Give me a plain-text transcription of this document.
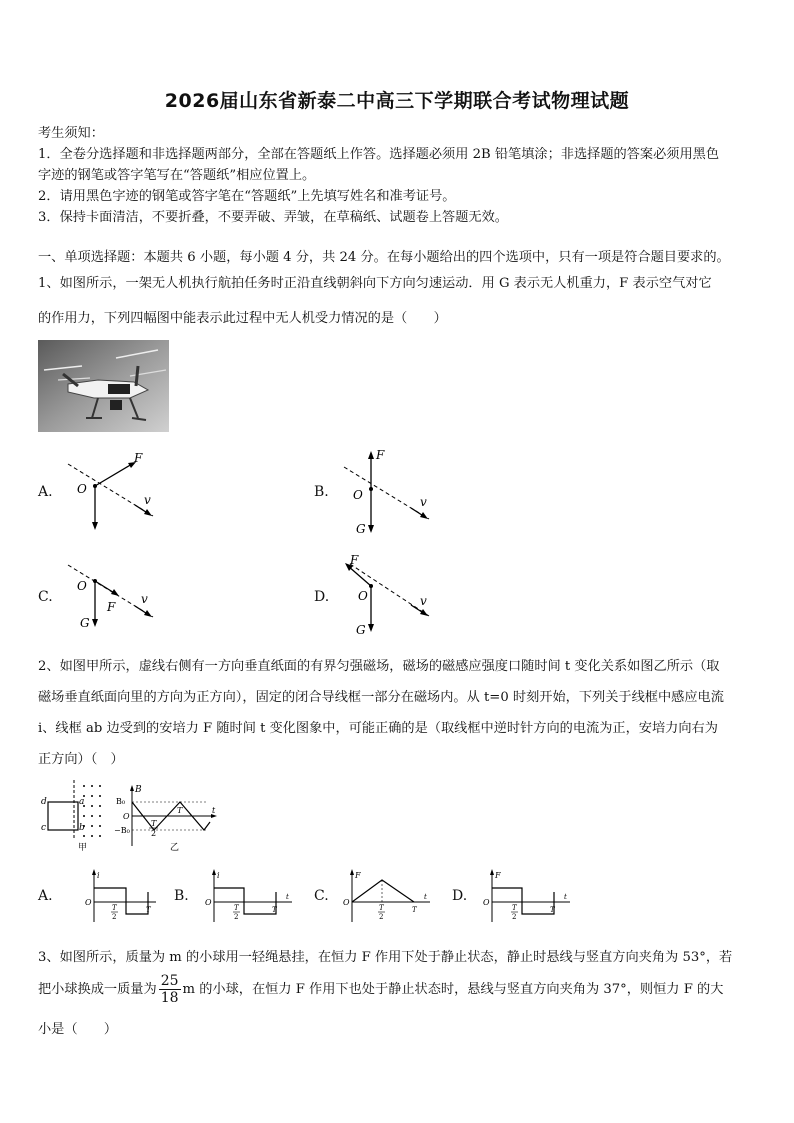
2026届山东省新泰二中高三下学期联合考试物理试题
考生须知：
1．全卷分选择题和非选择题两部分，全部在答题纸上作答。选择题必须用 2B 铅笔填涂；非选择题的答案必须用黑色
字迹的钢笔或答字笔写在“答题纸”相应位置上。
2．请用黑色字迹的钢笔或答字笔在“答题纸”上先填写姓名和准考证号。
3．保持卡面清洁，不要折叠，不要弄破、弄皱，在草稿纸、试题卷上答题无效。
一、单项选择题：本题共 6 小题，每小题 4 分，共 24 分。在每小题给出的四个选项中，只有一项是符合题目要求的。
1、如图所示，一架无人机执行航拍任务时正沿直线朝斜向下方向匀速运动．用 G 表示无人机重力，F 表示空气对它
的作用力，下列四幅图中能表示此过程中无人机受力情况的是（　　）
A.
F
O
v	B.
F
O	v
G
C.
O
F
v
G
D.
F
O	v
G
2、如图甲所示，虚线右侧有一方向垂直纸面的有界匀强磁场，磁场的磁感应强度口随时间 t 变化关系如图乙所示（取
磁场垂直纸面向里的方向为正方向），固定的闭合导线框一部分在磁场内。从 t=0 时刻开始，下列关于线框中感应电流
i、线框 ab 边受到的安培力 F 随时间 t 变化图象中，可能正确的是（取线框中逆时针方向的电流为正，安培力向右为
正方向）（　）
d	a
b
c
甲
B
B₀
O
−B₀
T
2
T	t
乙
A.
i
O
T
2
T
B.
i
O
T
2
T
t C.
F
O
T
2
T
t D.
F
O
T
2
T
t
3、如图所示，质量为 m 的小球用一轻绳悬挂，在恒力 F 作用下处于静止状态，静止时悬线与竖直方向夹角为 53°，若
把小球换成一质量为 $\frac{25}{18}$ m 的小球，在恒力 F 作用下也处于静止状态时，悬线与竖直方向夹角为 37°，则恒力 F 的大
小是（　　）
